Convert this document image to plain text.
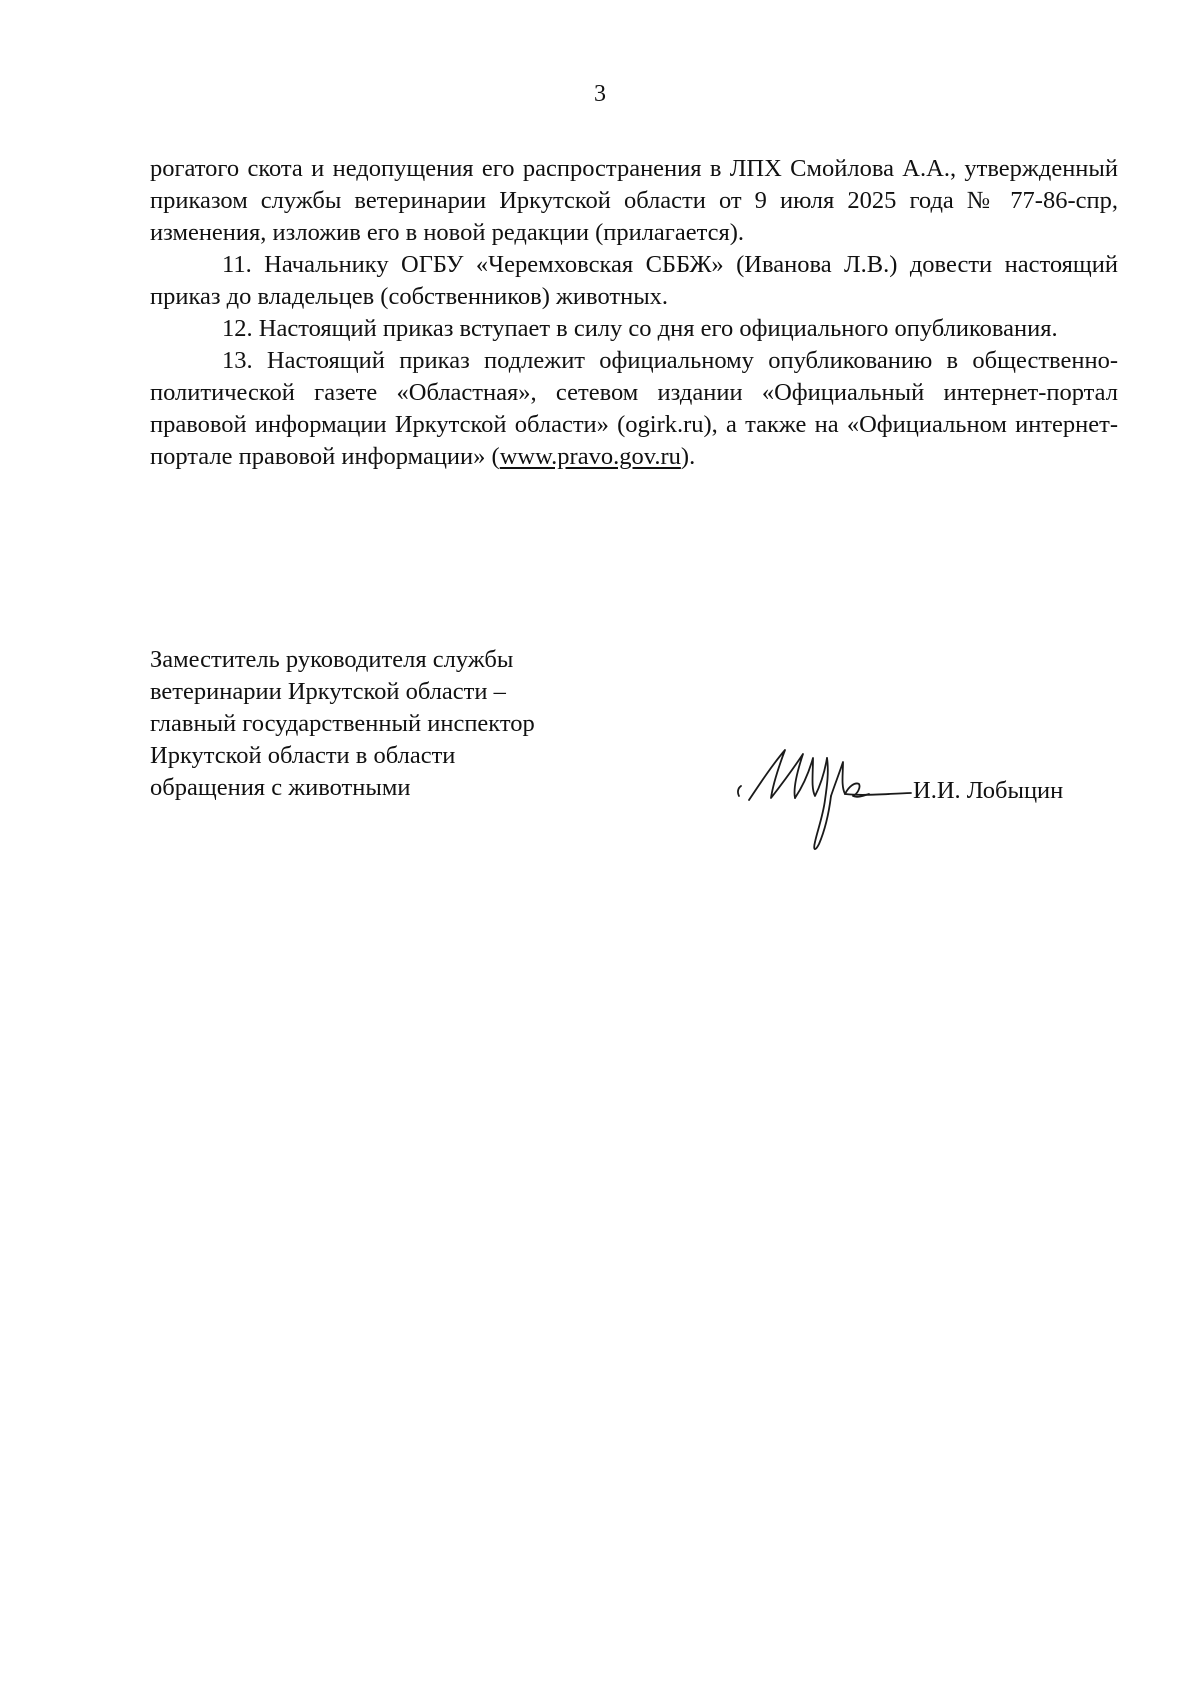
3

рогатого скота и недопущения его распространения в ЛПХ Смойлова А.А., утвержденный приказом службы ветеринарии Иркутской области от 9 июля 2025 года № 77-86-спр, изменения, изложив его в новой редакции (прилагается).

11. Начальнику ОГБУ «Черемховская СББЖ» (Иванова Л.В.) довести настоящий приказ до владельцев (собственников) животных.

12. Настоящий приказ вступает в силу со дня его официального опубликования.

13. Настоящий приказ подлежит официальному опубликованию в общественно-политической газете «Областная», сетевом издании «Официальный интернет-портал правовой информации Иркутской области» (ogirk.ru), а также на «Официальном интернет-портале правовой информации» (www.pravo.gov.ru).

Заместитель руководителя службы
ветеринарии Иркутской области –
главный государственный инспектор
Иркутской области в области
обращения с животными	И.И. Лобыцин
